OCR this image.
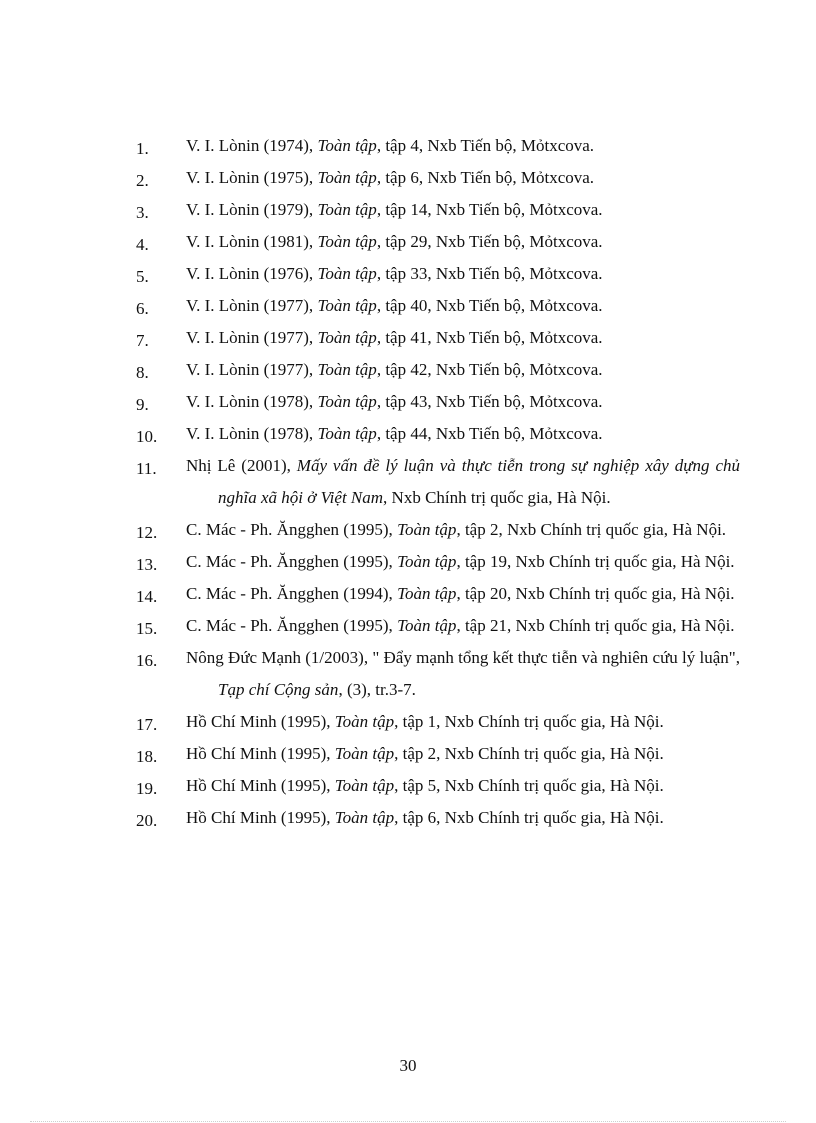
1.	V. I. Lònin (1974), Toàn tập, tập 4, Nxb Tiến bộ, Mỏtxcova.
2.	V. I. Lònin (1975), Toàn tập, tập 6, Nxb Tiến bộ, Mỏtxcova.
3.	V. I. Lònin (1979), Toàn tập, tập 14, Nxb Tiến bộ, Mỏtxcova.
4.	V. I. Lònin (1981), Toàn tập, tập 29, Nxb Tiến bộ, Mỏtxcova.
5.	V. I. Lònin (1976), Toàn tập, tập 33, Nxb Tiến bộ, Mỏtxcova.
6.	V. I. Lònin (1977), Toàn tập, tập 40, Nxb Tiến bộ, Mỏtxcova.
7.	V. I. Lònin (1977), Toàn tập, tập 41, Nxb Tiến bộ, Mỏtxcova.
8.	V. I. Lònin (1977), Toàn tập, tập 42, Nxb Tiến bộ, Mỏtxcova.
9.	V. I. Lònin (1978), Toàn tập, tập 43, Nxb Tiến bộ, Mỏtxcova.
10.	V. I. Lònin (1978), Toàn tập, tập 44, Nxb Tiến bộ, Mỏtxcova.
11.	Nhị Lê (2001), Mấy vấn đề lý luận và thực tiễn trong sự nghiệp xây dựng chủ nghĩa xã hội ở Việt Nam, Nxb Chính trị quốc gia, Hà Nội.
12.	C. Mác - Ph. Ăngghen (1995), Toàn tập, tập 2, Nxb Chính trị quốc gia, Hà Nội.
13.	C. Mác - Ph. Ăngghen (1995), Toàn tập, tập 19, Nxb Chính trị quốc gia, Hà Nội.
14.	C. Mác - Ph. Ăngghen (1994), Toàn tập, tập 20, Nxb Chính trị quốc gia, Hà Nội.
15.	C. Mác - Ph. Ăngghen (1995), Toàn tập, tập 21, Nxb Chính trị quốc gia, Hà Nội.
16.	Nông Đức Mạnh (1/2003), " Đẩy mạnh tổng kết thực tiễn và nghiên cứu lý luận", Tạp chí Cộng sản, (3), tr.3-7.
17.	Hồ Chí Minh (1995), Toàn tập, tập 1, Nxb Chính trị quốc gia, Hà Nội.
18.	Hồ Chí Minh (1995), Toàn tập, tập 2, Nxb Chính trị quốc gia, Hà Nội.
19.	Hồ Chí Minh (1995), Toàn tập, tập 5, Nxb Chính trị quốc gia, Hà Nội.
20.	Hồ Chí Minh (1995), Toàn tập, tập 6, Nxb Chính trị quốc gia, Hà Nội.
30
